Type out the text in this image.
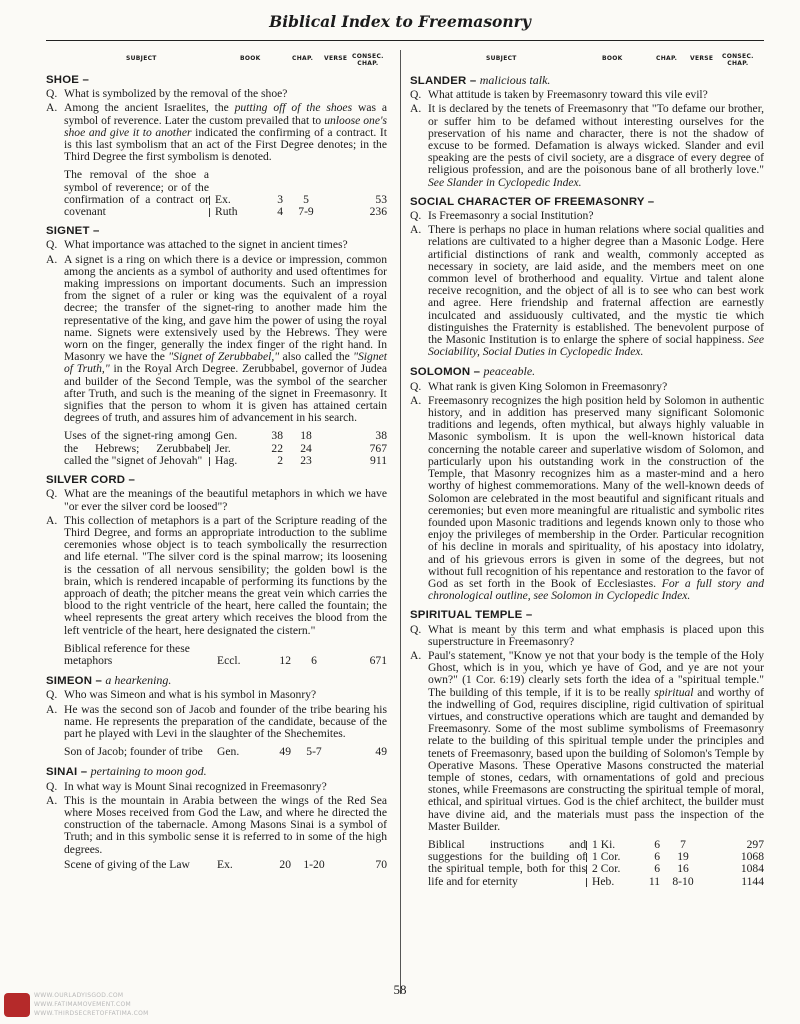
Biblical Index to Freemasonry
SUBJECT	BOOK	CHAP. VERSE CONSEC.
CHAP.
SHOE –

Q. What is symbolized by the removal of the shoe?

A. Among the ancient Israelites, the putting off of the shoes was a symbol of reverence. Later the custom prevailed that to unloose one's shoe and give it to another indicated the confirming of a contract. It is this last symbolism that an act of the First Degree denotes; in the Third Degree the first symbolism is denoted.

The removal of the shoe a symbol of reverence; or of the confirmation of a contract or covenant
Ex.	3	5	53
Ruth	4	7-9	236
SIGNET –

Q. What importance was attached to the signet in ancient times?

A. A signet is a ring on which there is a device or impression, common among the ancients as a symbol of authority and used oftentimes for making impressions on important documents. Such an impression from the signet of a ruler or king was the equivalent of a royal decree; the transfer of the signet-ring to another made him the representative of the king, and gave him the power of using the royal name. Signets were extensively used by the Hebrews. They were worn on the finger, generally the index finger of the right hand. In Masonry we have the "Signet of Zerubbabel," also called the "Signet of Truth," in the Royal Arch Degree. Zerubbabel, governor of Judea and builder of the Second Temple, was the symbol of the searcher after Truth, and such is the meaning of the signet in Freemasonry. It signifies that the person to whom it is given has attained certain degrees of truth, and assures him of advancement in his search.

Uses of the signet-ring among the Hebrews; Zerubbabel called the "signet of Jehovah"
Gen.	38	18	38
Jer.	22	24	767
Hag.	2	23	911
SILVER CORD –

Q. What are the meanings of the beautiful metaphors in which we have "or ever the silver cord be loosed"?

A. This collection of metaphors is a part of the Scripture reading of the Third Degree, and forms an appropriate introduction to the sublime ceremonies whose object is to teach symbolically the resurrection and life eternal. "The silver cord is the spinal marrow; its loosening is the cessation of all nervous sensibility; the golden bowl is the brain, which is rendered incapable of performing its functions by the approach of death; the pitcher means the great vein which carries the blood to the right ventricle of the heart, here called the fountain; the wheel represents the great artery which receives the blood from the left ventricle of the heart, here designated the cistern."

Biblical reference for these metaphors	Eccl.	12	6	671
SIMEON – a hearkening.

Q. Who was Simeon and what is his symbol in Masonry?

A. He was the second son of Jacob and founder of the tribe bearing his name. He represents the preparation of the candidate, because of the part he played with Levi in the slaughter of the Shechemites.

Son of Jacob; founder of tribe	Gen.	49	5-7	49
SINAI – pertaining to moon god.

Q. In what way is Mount Sinai recognized in Freemasonry?

A. This is the mountain in Arabia between the wings of the Red Sea where Moses received from God the Law, and where he directed the construction of the tabernacle. Among Masons Sinai is a symbol of Truth; and in this symbolic sense it is referred to in some of the high degrees.

Scene of giving of the Law	Ex.	20	1-20	70
SUBJECT	BOOK	CHAP. VERSE CONSEC.
CHAP.
SLANDER – malicious talk.

Q. What attitude is taken by Freemasonry toward this vile evil?

A. It is declared by the tenets of Freemasonry that "To defame our brother, or suffer him to be defamed without interesting ourselves for the preservation of his name and character, there is not the shadow of excuse to be formed. Defamation is always wicked. Slander and evil speaking are the pests of civil society, are a disgrace of every degree of religious profession, and are the poisonous bane of all brotherly love." See Slander in Cyclopedic Index.

SOCIAL CHARACTER OF FREEMASONRY –

Q. Is Freemasonry a social Institution?

A. There is perhaps no place in human relations where social qualities and relations are cultivated to a higher degree than a Masonic Lodge. Here artificial distinctions of rank and wealth, commonly accepted as necessary in society, are laid aside, and the members meet on one common level of brotherhood and equality. Virtue and talent alone receive recognition, and the object of all is to see who can best work and agree. Here friendship and fraternal affection are earnestly inculcated and assiduously cultivated, and the mystic tie which distinguishes the Fraternity is established. The benevolent purpose of the Masonic Institution is to enlarge the sphere of social happiness. See Sociability, Social Duties in Cyclopedic Index.

SOLOMON – peaceable.

Q. What rank is given King Solomon in Freemasonry?

A. Freemasonry recognizes the high position held by Solomon in authentic history, and in addition has preserved many significant Solomonic traditions and legends, often mythical, but always highly valuable in Masonic symbolism. It is upon the well-known historical data concerning the notable career and superlative wisdom of Solomon, and particularly upon his outstanding work in the construction of the Temple, that Masonry recognizes him as a master-mind and a hero worthy of highest commemorations. Many of the well-known deeds of Solomon are celebrated in the most beautiful and significant rituals and ceremonies; but even more meaningful are ritualistic and symbolic rites founded upon Masonic traditions and legends known only to those who enjoy the privileges of membership in the Order. Particular recognition of his decline in morals and spirituality, of his apostacy into idolatry, and of his grievous errors is given in some of the degrees, but not without full recognition of his repentance and restoration to the favor of God as set forth in the Book of Ecclesiastes. For a full story and chronological outline, see Solomon in Cyclopedic Index.

SPIRITUAL TEMPLE –

Q. What is meant by this term and what emphasis is placed upon this superstructure in Freemasonry?

A. Paul's statement, "Know ye not that your body is the temple of the Holy Ghost, which is in you, which ye have of God, and ye are not your own?" (1 Cor. 6:19) clearly sets forth the idea of a "spiritual temple." The building of this temple, if it is to be really spiritual and worthy of the indwelling of God, requires discipline, rigid cultivation of spiritual virtues, and constructive operations which are taught and demanded by Freemasonry. Some of the most sublime symbolisms of Freemasonry relate to the building of this spiritual temple under the principles and tenets of Freemasonry, based upon the building of Solomon's Temple by Operative Masons. These Operative Masons constructed the material temple of stones, cedars, with ornamentations of gold and precious stones, while Freemasons are constructing the spiritual temple of moral, ethical, and spiritual virtues. God is the chief architect, the builder must have divine aid, and the materials must pass the inspection of the Master Builder.

Biblical instructions and suggestions for the building of the spiritual temple, both for this life and for eternity
1 Ki.	6	7	297
1 Cor.	6	19	1068
2 Cor.	6	16	1084
Heb.	11	8-10	1144
58
WWW.OURLADYISGOD.COM
WWW.FATIMAMOVEMENT.COM
WWW.THIRDSECRETOFFATIMA.COM
